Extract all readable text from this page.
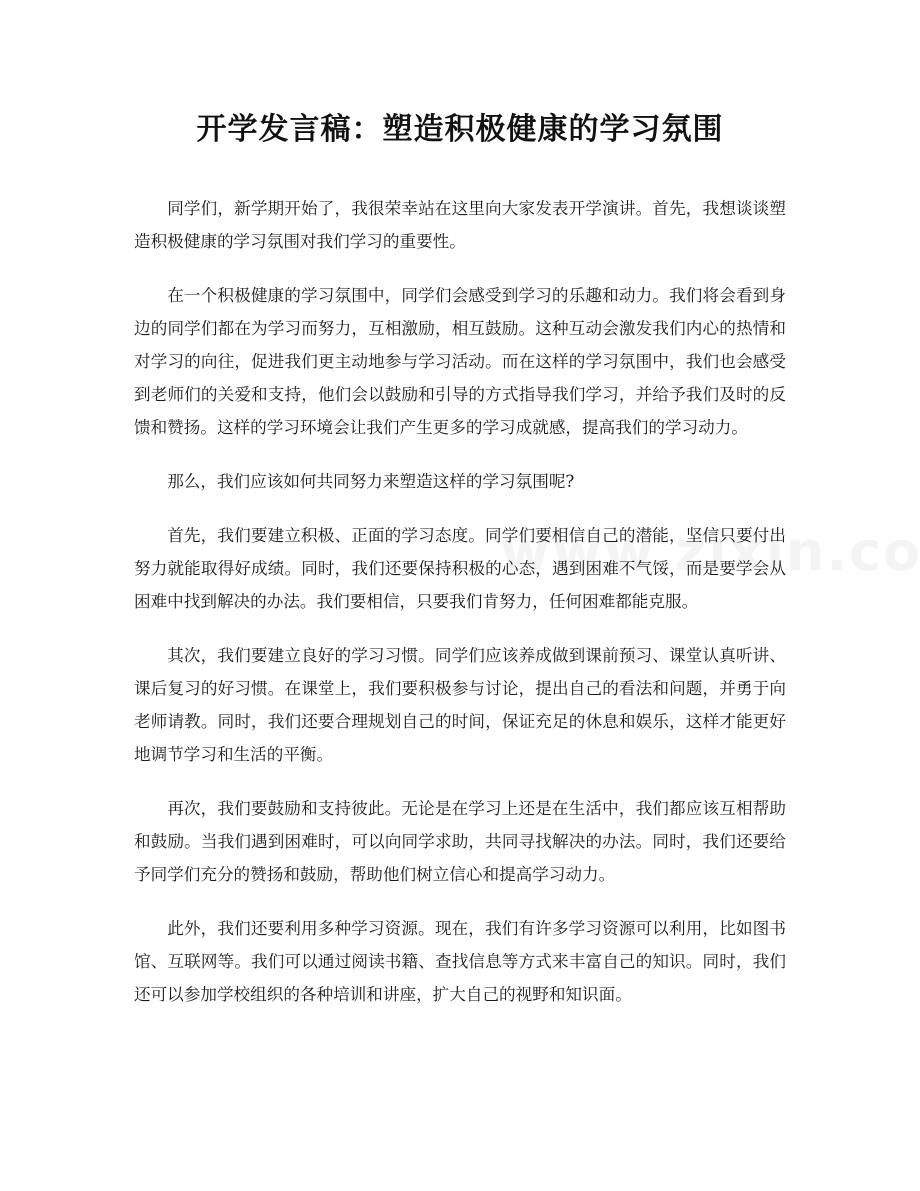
开学发言稿：塑造积极健康的学习氛围

同学们，新学期开始了，我很荣幸站在这里向大家发表开学演讲。首先，我想谈谈塑造积极健康的学习氛围对我们学习的重要性。

在一个积极健康的学习氛围中，同学们会感受到学习的乐趣和动力。我们将会看到身边的同学们都在为学习而努力，互相激励，相互鼓励。这种互动会激发我们内心的热情和对学习的向往，促进我们更主动地参与学习活动。而在这样的学习氛围中，我们也会感受到老师们的关爱和支持，他们会以鼓励和引导的方式指导我们学习，并给予我们及时的反馈和赞扬。这样的学习环境会让我们产生更多的学习成就感，提高我们的学习动力。

那么，我们应该如何共同努力来塑造这样的学习氛围呢?

首先，我们要建立积极、正面的学习态度。同学们要相信自己的潜能，坚信只要付出努力就能取得好成绩。同时，我们还要保持积极的心态，遇到困难不气馁，而是要学会从困难中找到解决的办法。我们要相信，只要我们肯努力，任何困难都能克服。

其次，我们要建立良好的学习习惯。同学们应该养成做到课前预习、课堂认真听讲、课后复习的好习惯。在课堂上，我们要积极参与讨论，提出自己的看法和问题，并勇于向老师请教。同时，我们还要合理规划自己的时间，保证充足的休息和娱乐，这样才能更好地调节学习和生活的平衡。

再次，我们要鼓励和支持彼此。无论是在学习上还是在生活中，我们都应该互相帮助和鼓励。当我们遇到困难时，可以向同学求助，共同寻找解决的办法。同时，我们还要给予同学们充分的赞扬和鼓励，帮助他们树立信心和提高学习动力。

此外，我们还要利用多种学习资源。现在，我们有许多学习资源可以利用，比如图书馆、互联网等。我们可以通过阅读书籍、查找信息等方式来丰富自己的知识。同时，我们还可以参加学校组织的各种培训和讲座，扩大自己的视野和知识面。
